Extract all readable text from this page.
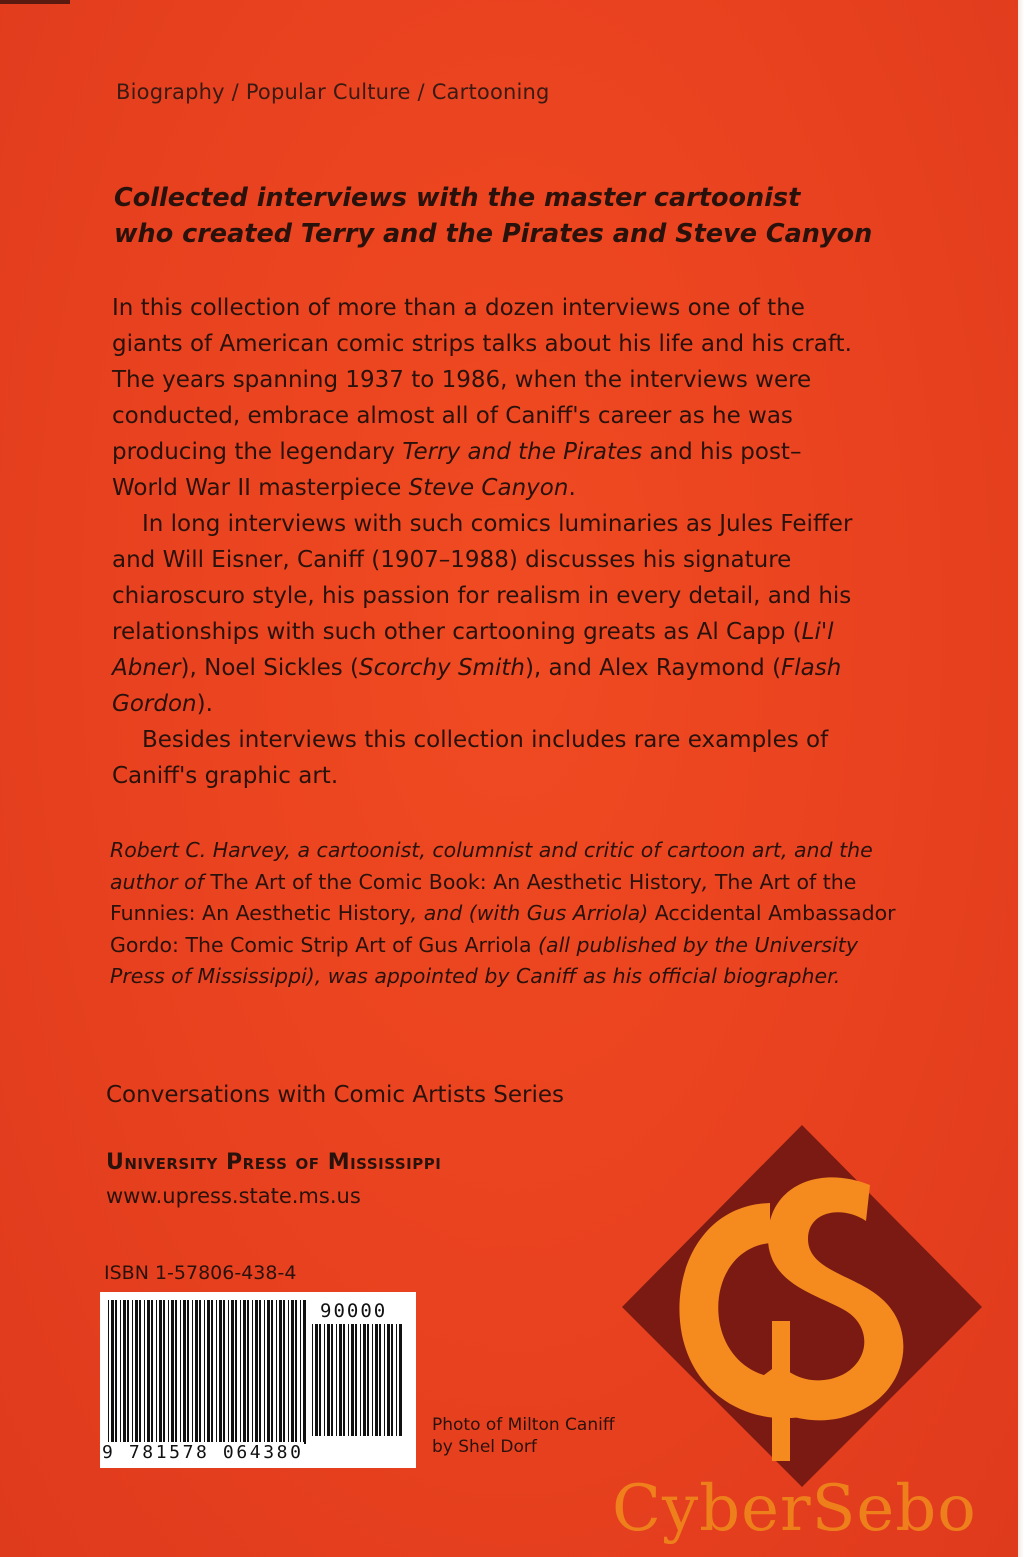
Biography / Popular Culture / Cartooning
Collected interviews with the master cartoonist
who created Terry and the Pirates and Steve Canyon

In this collection of more than a dozen interviews one of the giants of American comic strips talks about his life and his craft. The years spanning 1937 to 1986, when the interviews were conducted, embrace almost all of Caniff's career as he was producing the legendary Terry and the Pirates and his post–World War II masterpiece Steve Canyon.

In long interviews with such comics luminaries as Jules Feiffer and Will Eisner, Caniff (1907–1988) discusses his signature chiaroscuro style, his passion for realism in every detail, and his relationships with such other cartooning greats as Al Capp (Li'l Abner), Noel Sickles (Scorchy Smith), and Alex Raymond (Flash Gordon).

Besides interviews this collection includes rare examples of Caniff's graphic art.

Robert C. Harvey, a cartoonist, columnist and critic of cartoon art, and the author of The Art of the Comic Book: An Aesthetic History, The Art of the Funnies: An Aesthetic History, and (with Gus Arriola) Accidental Ambassador Gordo: The Comic Strip Art of Gus Arriola (all published by the University Press of Mississippi), was appointed by Caniff as his official biographer.
Conversations with Comic Artists Series
University Press of Mississippi
www.upress.state.ms.us
ISBN 1-57806-438-4
90000
9 781578 064380
Photo of Milton Caniff
by Shel Dorf
CyberSebo
